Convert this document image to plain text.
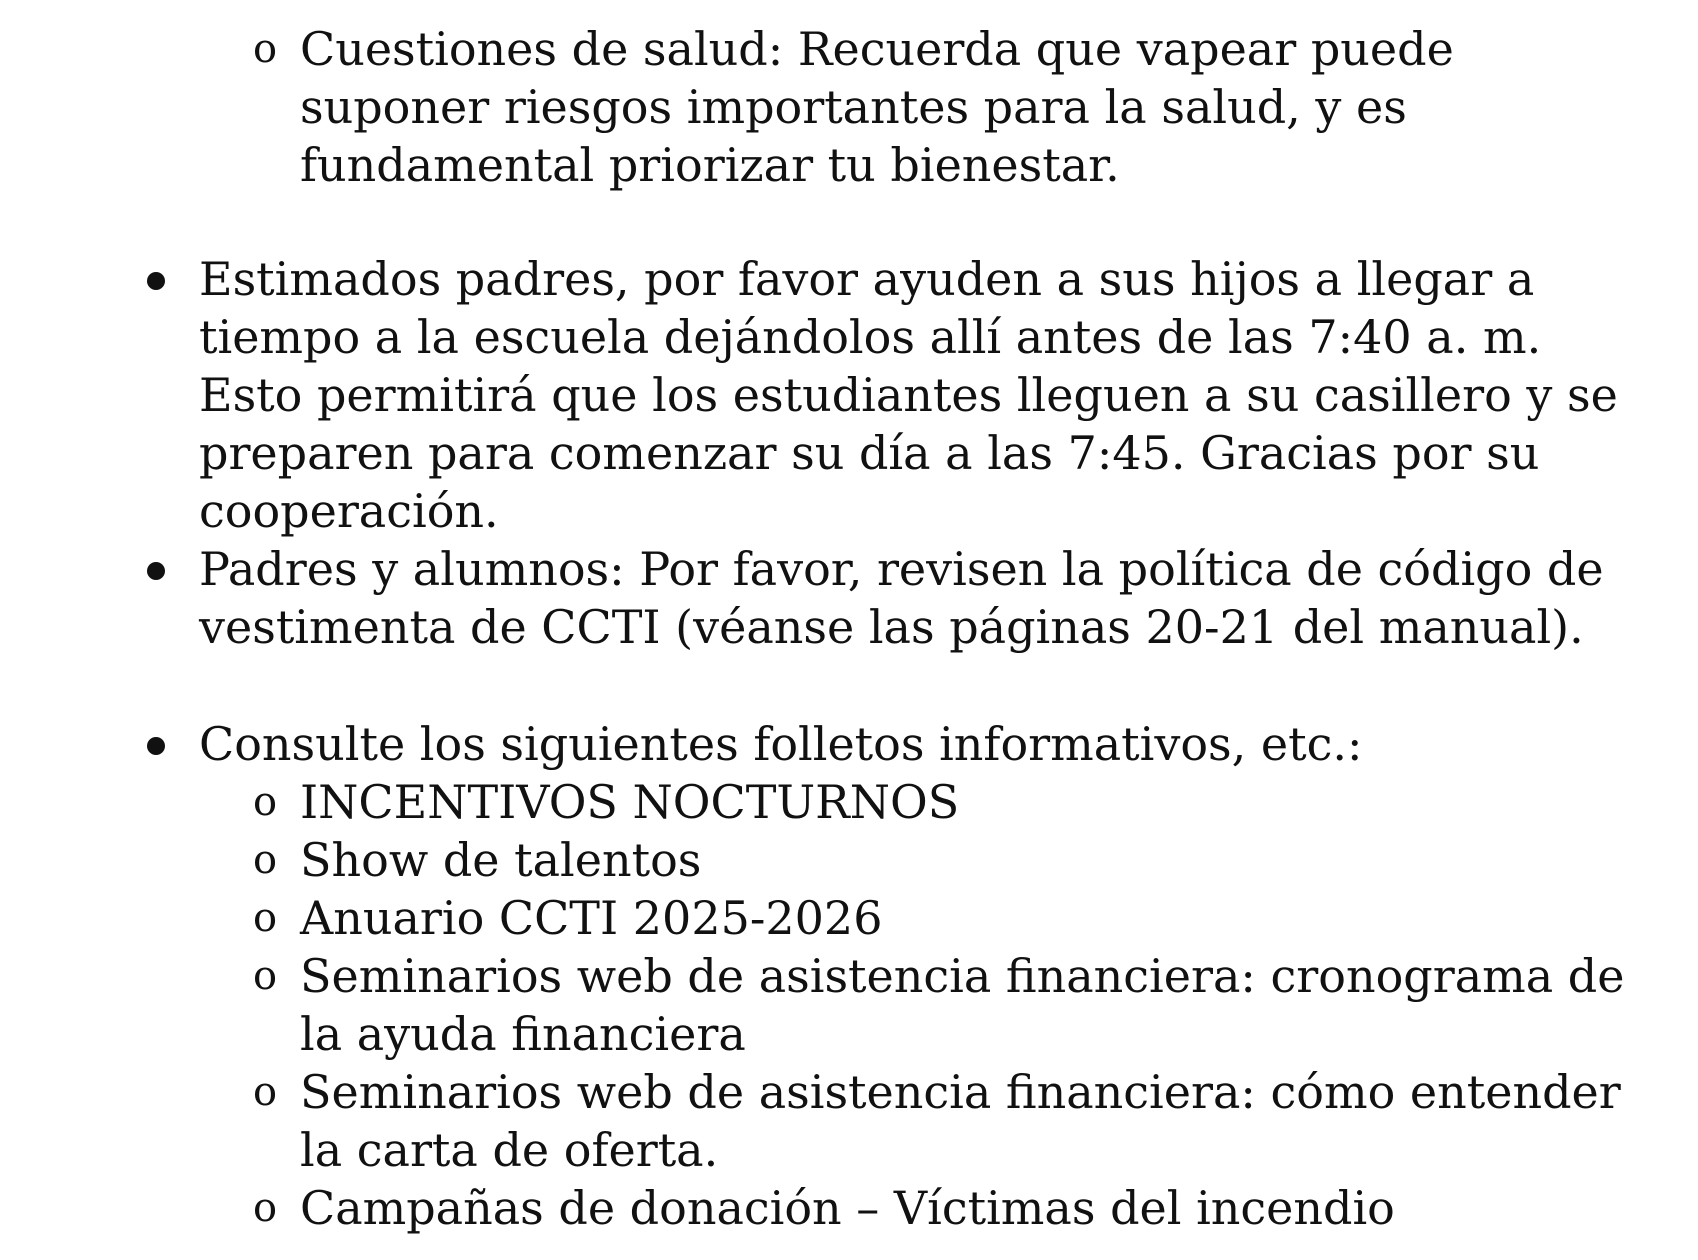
o Cuestiones de salud: Recuerda que vapear puede suponer riesgos importantes para la salud, y es fundamental priorizar tu bienestar.
Estimados padres, por favor ayuden a sus hijos a llegar a tiempo a la escuela dejándolos allí antes de las 7:40 a. m. Esto permitirá que los estudiantes lleguen a su casillero y se preparen para comenzar su día a las 7:45. Gracias por su cooperación.
Padres y alumnos: Por favor, revisen la política de código de vestimenta de CCTI (véanse las páginas 20-21 del manual).
Consulte los siguientes folletos informativos, etc.:
o INCENTIVOS NOCTURNOS
o Show de talentos
o Anuario CCTI 2025-2026
o Seminarios web de asistencia financiera: cronograma de la ayuda financiera
o Seminarios web de asistencia financiera: cómo entender la carta de oferta.
o Campañas de donación – Víctimas del incendio
